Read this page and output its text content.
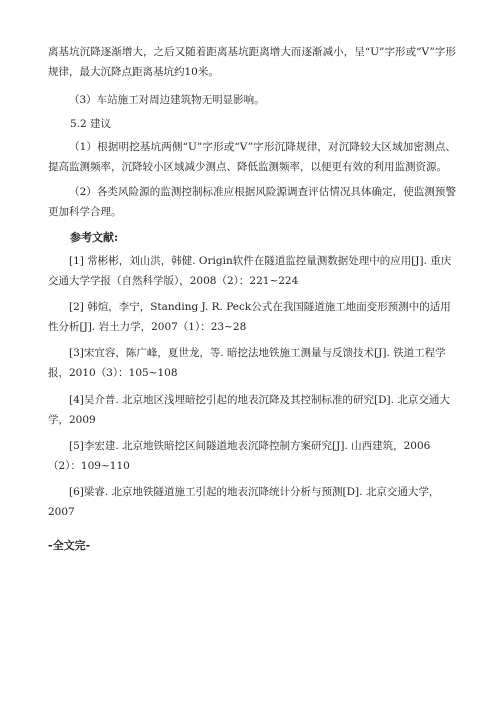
离基坑沉降逐渐增大，之后又随着距离基坑距离增大而逐渐减小，呈“U”字形或“V”字形规律，最大沉降点距离基坑约10米。

（3）车站施工对周边建筑物无明显影响。

5.2 建议

（1）根据明挖基坑两侧“U”字形或“V”字形沉降规律，对沉降较大区域加密测点、提高监测频率，沉降较小区域减少测点、降低监测频率，以便更有效的利用监测资源。

（2）各类风险源的监测控制标准应根据风险源调查评估情况具体确定，使监测预警更加科学合理。

参考文献:

[1] 常彬彬，刘山洪，韩健. Origin软件在隧道监控量测数据处理中的应用[J]. 重庆交通大学学报（自然科学版），2008（2）：221~224

[2] 韩煊，李宁，Standing J. R. Peck公式在我国隧道施工地面变形预测中的适用性分析[J]. 岩土力学，2007（1）：23~28

[3]宋宜容，陈广峰，夏世龙，等. 暗挖法地铁施工测量与反馈技术[J]. 铁道工程学报，2010（3）：105~108

[4]吴介普. 北京地区浅埋暗挖引起的地表沉降及其控制标准的研究[D]. 北京交通大学，2009

[5]李宏建. 北京地铁暗挖区间隧道地表沉降控制方案研究[J]. 山西建筑，2006（2）：109~110

[6]梁睿. 北京地铁隧道施工引起的地表沉降统计分析与预测[D]. 北京交通大学，2007

-全文完-
